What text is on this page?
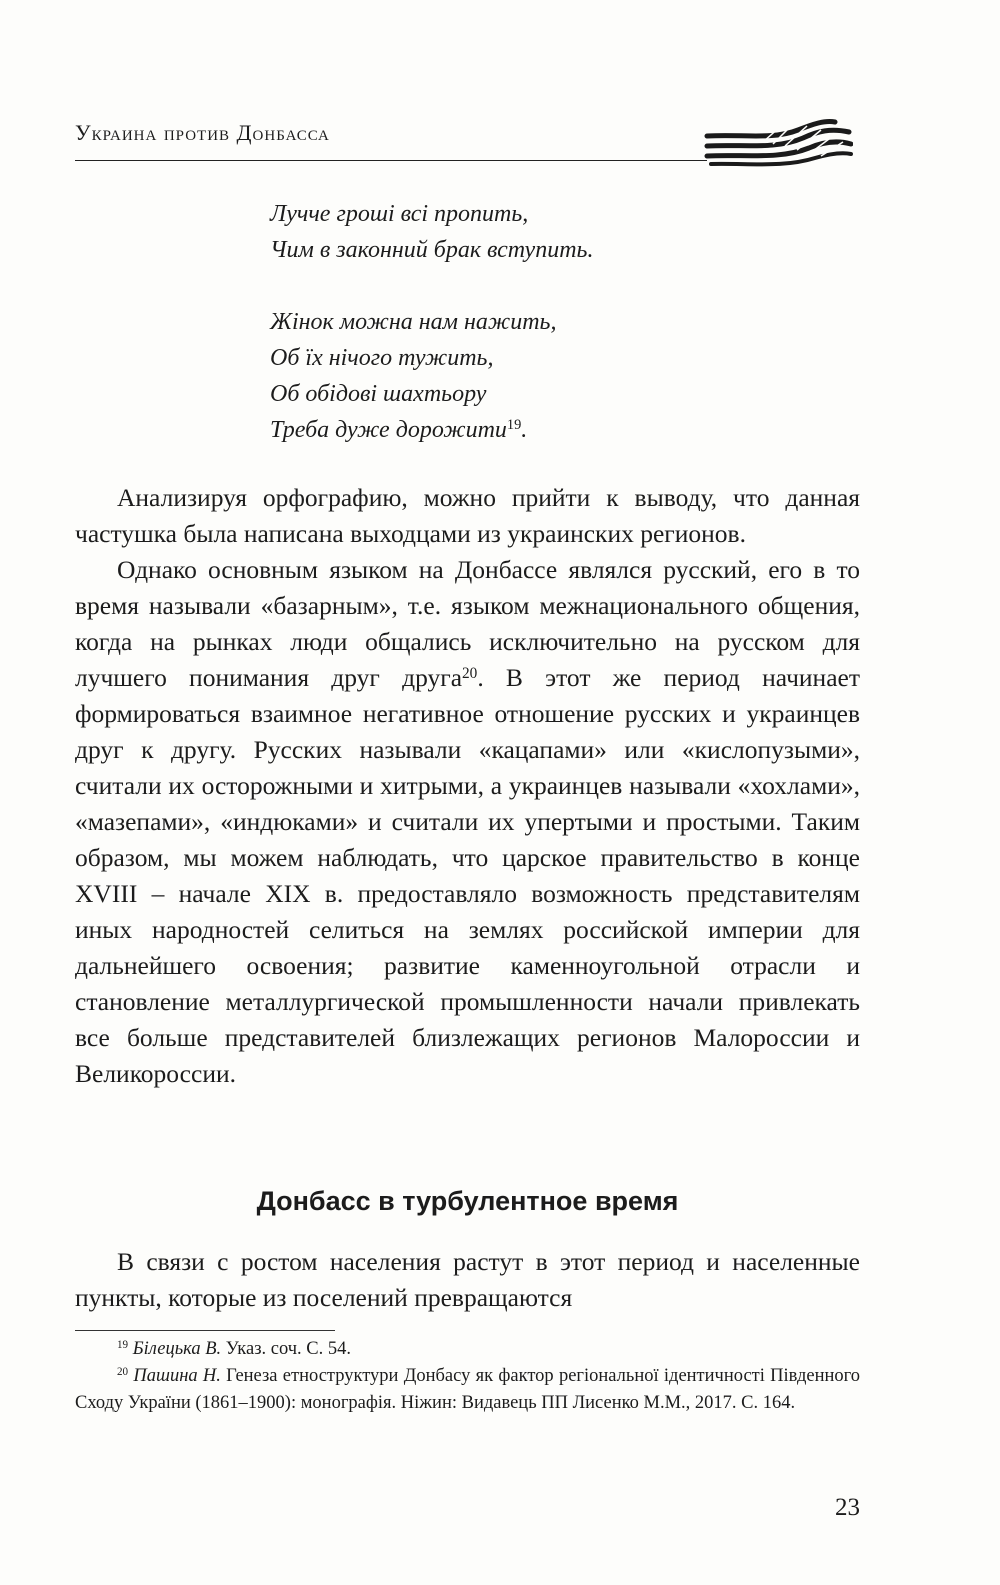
Украина против Донбасса
Лучче гроші всі пропить,
Чим в законний брак вступить.
Жінок можна нам нажить,
Об їх нічого тужить,
Об обідові шахтьору
Треба дуже дорожити$^{19}$.

Анализируя орфографию, можно прийти к выводу, что данная частушка была написана выходцами из украинских регионов.

Однако основным языком на Донбассе являлся русский, его в то время называли «базарным», т.е. языком межнационального общения, когда на рынках люди общались исключительно на русском для лучшего понимания друг друга$^{20}$. В этот же период начинает формироваться взаимное негативное отношение русских и украинцев друг к другу. Русских называли «кацапами» или «кислопузыми», считали их осторожными и хитрыми, а украинцев называли «хохлами», «мазепами», «индюками» и считали их упертыми и простыми. Таким образом, мы можем наблюдать, что царское правительство в конце XVIII – начале XIX в. предоставляло возможность представителям иных народностей селиться на землях российской империи для дальнейшего освоения; развитие каменноугольной отрасли и становление металлургической промышленности начали привлекать все больше представителей близлежащих регионов Малороссии и Великороссии.

Донбасс в турбулентное время

В связи с ростом населения растут в этот период и населенные пункты, которые из поселений превращаются

$^{19}$ Білецька В. Указ. соч. С. 54.

$^{20}$ Пашина Н. Генеза етноструктури Донбасу як фактор регіональної ідентичності Південного Сходу України (1861–1900): монографія. Ніжин: Видавець ПП Лисенко М.М., 2017. С. 164.

23
